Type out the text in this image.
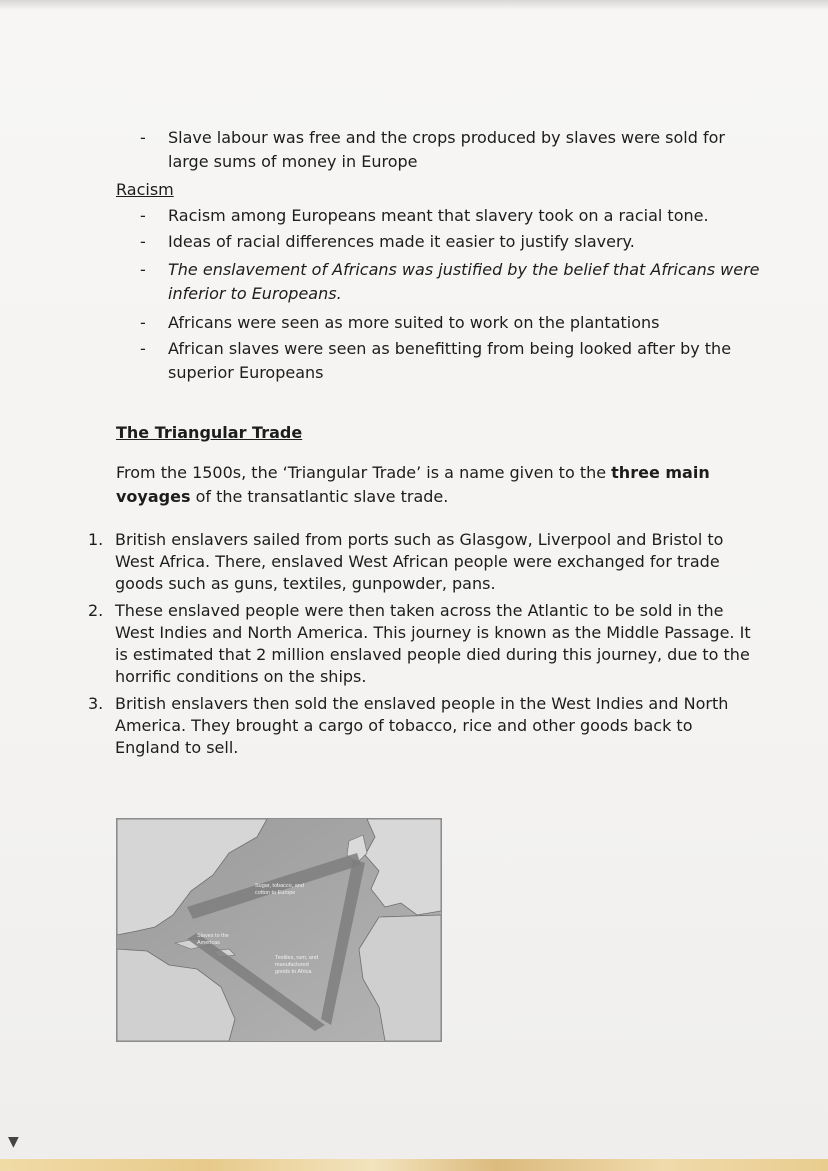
-	Slave labour was free and the crops produced by slaves were sold for
large sums of money in Europe
Racism
-	Racism among Europeans meant that slavery took on a racial tone.
-	Ideas of racial differences made it easier to justify slavery.
-	The enslavement of Africans was justified by the belief that Africans were
inferior to Europeans.
-	Africans were seen as more suited to work on the plantations
-	African slaves were seen as benefitting from being looked after by the
superior Europeans
The Triangular Trade
From the 1500s, the ‘Triangular Trade’ is a name given to the three main
voyages of the transatlantic slave trade.
1. British enslavers sailed from ports such as Glasgow, Liverpool and Bristol to
West Africa. There, enslaved West African people were exchanged for trade
goods such as guns, textiles, gunpowder, pans.
2. These enslaved people were then taken across the Atlantic to be sold in the
West Indies and North America. This journey is known as the Middle Passage. It
is estimated that 2 million enslaved people died during this journey, due to the
horrific conditions on the ships.
3. British enslavers then sold the enslaved people in the West Indies and North
America. They brought a cargo of tobacco, rice and other goods back to
England to sell.
Sugar, tobacco, and cotton to Europe
Slaves to the Americas
Textiles, rum, and manufactured goods to Africa
▼
